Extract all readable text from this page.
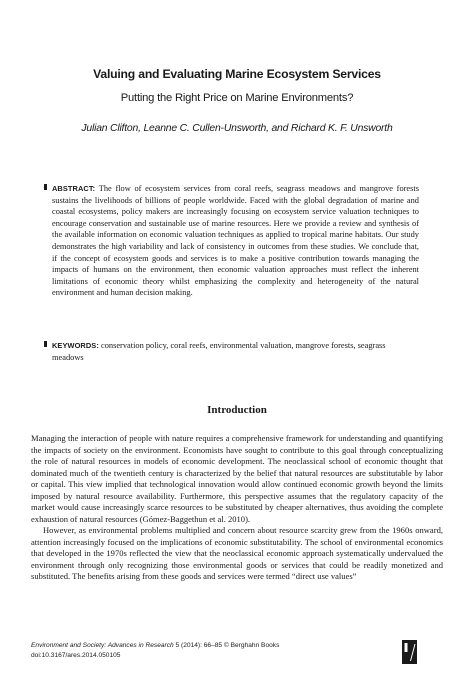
Valuing and Evaluating Marine Ecosystem Services
Putting the Right Price on Marine Environments?
Julian Clifton, Leanne C. Cullen-Unsworth, and Richard K. F. Unsworth
ABSTRACT: The flow of ecosystem services from coral reefs, seagrass meadows and mangrove forests sustains the livelihoods of billions of people worldwide. Faced with the global degradation of marine and coastal ecosystems, policy makers are increasingly focusing on ecosystem service valuation techniques to encourage conservation and sustainable use of marine resources. Here we provide a review and synthesis of the available information on economic valuation techniques as applied to tropical marine habitats. Our study demonstrates the high variability and lack of consistency in outcomes from these studies. We conclude that, if the concept of ecosystem goods and services is to make a positive contribution towards managing the impacts of humans on the environment, then economic valuation approaches must reflect the inherent limitations of economic theory whilst emphasizing the complexity and heterogeneity of the natural environment and human decision making.
KEYWORDS: conservation policy, coral reefs, environmental valuation, mangrove forests, seagrass meadows
Introduction

Managing the interaction of people with nature requires a comprehensive framework for understanding and quantifying the impacts of society on the environment. Economists have sought to contribute to this goal through conceptualizing the role of natural resources in models of economic development. The neoclassical school of economic thought that dominated much of the twentieth century is characterized by the belief that natural resources are substitutable by labor or capital. This view implied that technological innovation would allow continued economic growth beyond the limits imposed by natural resource availability. Furthermore, this perspective assumes that the regulatory capacity of the market would cause increasingly scarce resources to be substituted by cheaper alternatives, thus avoiding the complete exhaustion of natural resources (Gómez-Baggethun et al. 2010).

However, as environmental problems multiplied and concern about resource scarcity grew from the 1960s onward, attention increasingly focused on the implications of economic substitutability. The school of environmental economics that developed in the 1970s reflected the view that the neoclassical economic approach systematically undervalued the environment through only recognizing those environmental goods or services that could be readily monetized and substituted. The benefits arising from these goods and services were termed “direct use values”

Environment and Society: Advances in Research 5 (2014): 66–85 © Berghahn Books
doi:10.3167/ares.2014.050105
